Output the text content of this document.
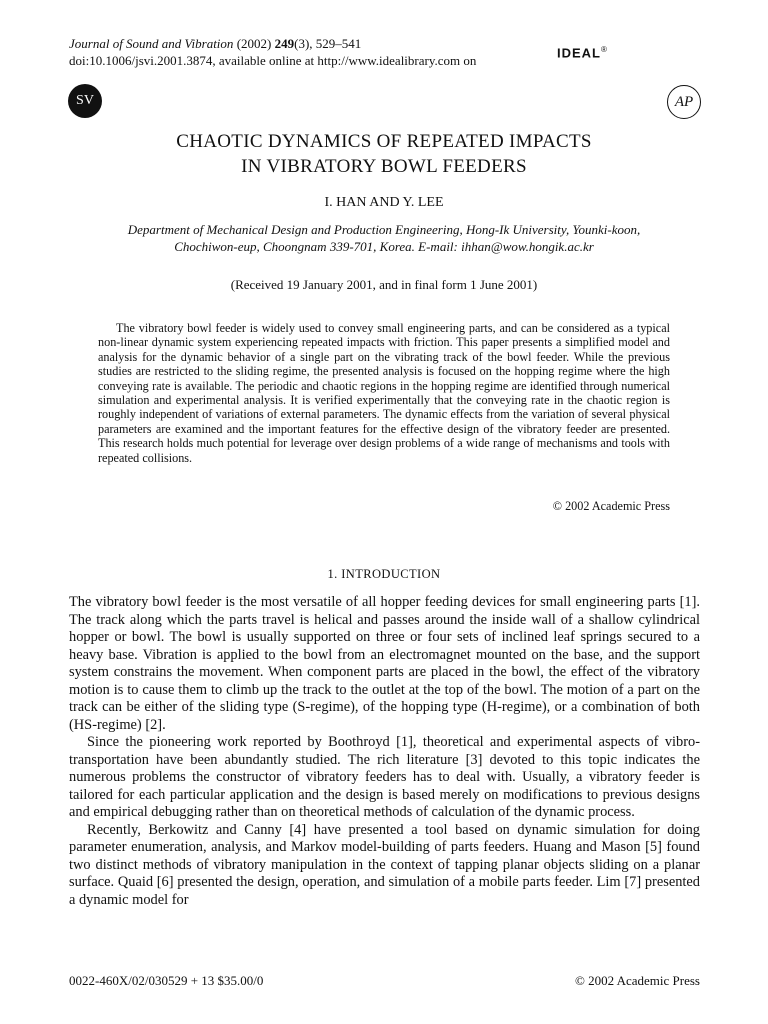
Journal of Sound and Vibration (2002) 249(3), 529–541
doi:10.1006/jsvi.2001.3874, available online at http://www.idealibrary.com on
IDEAL®
SV	AP
CHAOTIC DYNAMICS OF REPEATED IMPACTS
IN VIBRATORY BOWL FEEDERS
I. HAN AND Y. LEE
Department of Mechanical Design and Production Engineering, Hong-Ik University, Younki-koon,
Chochiwon-eup, Choongnam 339-701, Korea. E-mail: ihhan@wow.hongik.ac.kr
(Received 19 January 2001, and in final form 1 June 2001)

The vibratory bowl feeder is widely used to convey small engineering parts, and can be considered as a typical non-linear dynamic system experiencing repeated impacts with friction. This paper presents a simplified model and analysis for the dynamic behavior of a single part on the vibrating track of the bowl feeder. While the previous studies are restricted to the sliding regime, the presented analysis is focused on the hopping regime where the high conveying rate is available. The periodic and chaotic regions in the hopping regime are identified through numerical simulation and experimental analysis. It is verified experimentally that the conveying rate in the chaotic region is roughly independent of variations of external parameters. The dynamic effects from the variation of several physical parameters are examined and the important features for the effective design of the vibratory feeder are presented. This research holds much potential for leverage over design problems of a wide range of mechanisms and tools with repeated collisions.

© 2002 Academic Press
1. INTRODUCTION

The vibratory bowl feeder is the most versatile of all hopper feeding devices for small engineering parts [1]. The track along which the parts travel is helical and passes around the inside wall of a shallow cylindrical hopper or bowl. The bowl is usually supported on three or four sets of inclined leaf springs secured to a heavy base. Vibration is applied to the bowl from an electromagnet mounted on the base, and the support system constrains the movement. When component parts are placed in the bowl, the effect of the vibratory motion is to cause them to climb up the track to the outlet at the top of the bowl. The motion of a part on the track can be either of the sliding type (S-regime), of the hopping type (H-regime), or a combination of both (HS-regime) [2].

Since the pioneering work reported by Boothroyd [1], theoretical and experimental aspects of vibro-transportation have been abundantly studied. The rich literature [3] devoted to this topic indicates the numerous problems the constructor of vibratory feeders has to deal with. Usually, a vibratory feeder is tailored for each particular application and the design is based merely on modifications to previous designs and empirical debugging rather than on theoretical methods of calculation of the dynamic process.

Recently, Berkowitz and Canny [4] have presented a tool based on dynamic simulation for doing parameter enumeration, analysis, and Markov model-building of parts feeders. Huang and Mason [5] found two distinct methods of vibratory manipulation in the context of tapping planar objects sliding on a planar surface. Quaid [6] presented the design, operation, and simulation of a mobile parts feeder. Lim [7] presented a dynamic model for

0022-460X/02/030529 + 13 $35.00/0	© 2002 Academic Press
